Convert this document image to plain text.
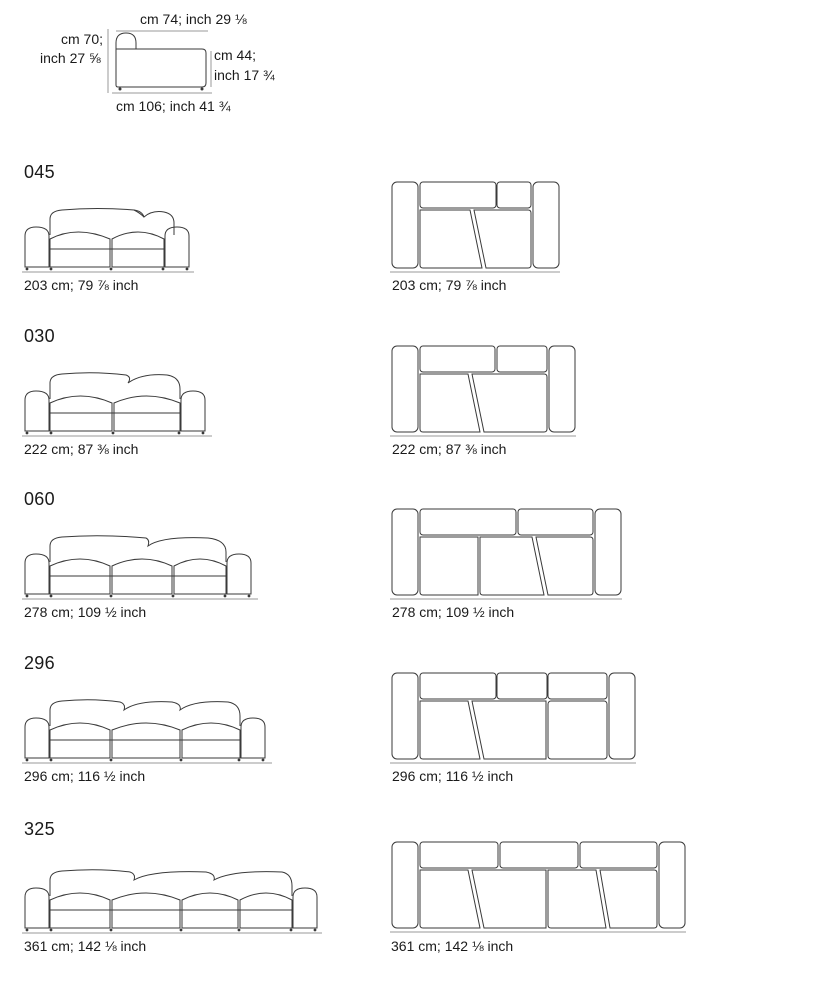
cm 74; inch 29 ⅛
cm 70;
inch 27 ⅝	cm 44;
inch 17 ¾
cm 106; inch 41 ¾
045
203 cm; 79 ⅞ inch	203 cm; 79 ⅞ inch
030
222 cm; 87 ⅜ inch	222 cm; 87 ⅜ inch
060
278 cm; 109 ½ inch	278 cm; 109 ½ inch
296
296 cm; 116 ½ inch	296 cm; 116 ½ inch
325
361 cm; 142 ⅛ inch	361 cm; 142 ⅛ inch
